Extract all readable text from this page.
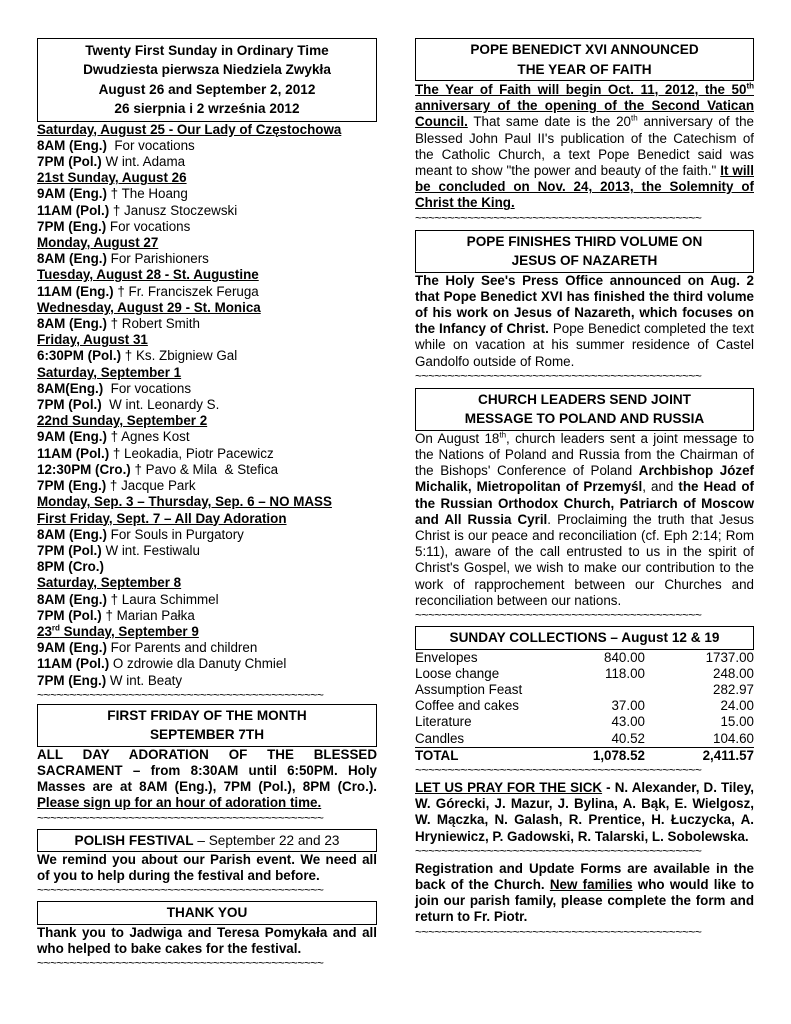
Twenty First Sunday in Ordinary Time
Dwudziesta pierwsza Niedziela Zwykła
August 26 and September 2, 2012
26 sierpnia i 2 września 2012
Saturday, August 25 - Our Lady of Częstochowa
8AM (Eng.)  For vocations
7PM (Pol.) W int. Adama
21st Sunday, August 26
9AM (Eng.) † The Hoang
11AM (Pol.) † Janusz Stoczewski
7PM (Eng.) For vocations
Monday, August 27
8AM (Eng.) For Parishioners
Tuesday, August 28 - St. Augustine
11AM (Eng.) † Fr. Franciszek Feruga
Wednesday, August 29 - St. Monica
8AM (Eng.) † Robert Smith
Friday, August 31
6:30PM (Pol.) † Ks. Zbigniew Gal
Saturday, September 1
8AM(Eng.)  For vocations
7PM (Pol.)  W int. Leonardy S.
22nd Sunday, September 2
9AM (Eng.) † Agnes Kost
11AM (Pol.) † Leokadia, Piotr Pacewicz
12:30PM (Cro.) † Pavo & Mila  & Stefica
7PM (Eng.) † Jacque Park
Monday, Sep. 3 – Thursday, Sep. 6 – NO MASS
First Friday, Sept. 7 – All Day Adoration
8AM (Eng.) For Souls in Purgatory
7PM (Pol.) W int. Festiwalu
8PM (Cro.)
Saturday, September 8
8AM (Eng.) † Laura Schimmel
7PM (Pol.) † Marian Pałka
23rd Sunday, September 9
9AM (Eng.) For Parents and children
11AM (Pol.) O zdrowie dla Danuty Chmiel
7PM (Eng.) W int. Beaty
~~~~~~~~~~~~~~~~~~~~~~~~~~~~~~~~~~~~~~~~~~~~
FIRST FRIDAY OF THE MONTH
SEPTEMBER 7TH
ALL DAY ADORATION OF THE BLESSED SACRAMENT – from 8:30AM until 6:50PM. Holy Masses are at 8AM (Eng.), 7PM (Pol.), 8PM (Cro.). Please sign up for an hour of adoration time.
~~~~~~~~~~~~~~~~~~~~~~~~~~~~~~~~~~~~~~~~~~~~
POLISH FESTIVAL – September 22 and 23
We remind you about our Parish event. We need all of you to help during the festival and before.
~~~~~~~~~~~~~~~~~~~~~~~~~~~~~~~~~~~~~~~~~~~~
THANK YOU
Thank you to Jadwiga and Teresa Pomykała and all who helped to bake cakes for the festival.
~~~~~~~~~~~~~~~~~~~~~~~~~~~~~~~~~~~~~~~~~~~~
POPE BENEDICT XVI ANNOUNCED
THE YEAR OF FAITH
The Year of Faith will begin Oct. 11, 2012, the 50th anniversary of the opening of the Second Vatican Council. That same date is the 20th anniversary of the Blessed John Paul II's publication of the Catechism of the Catholic Church, a text Pope Benedict said was meant to show "the power and beauty of the faith." It will be concluded on Nov. 24, 2013, the Solemnity of Christ the King.
~~~~~~~~~~~~~~~~~~~~~~~~~~~~~~~~~~~~~~~~~~~~
POPE FINISHES THIRD VOLUME ON
JESUS OF NAZARETH
The Holy See's Press Office announced on Aug. 2 that Pope Benedict XVI has finished the third volume of his work on Jesus of Nazareth, which focuses on the Infancy of Christ. Pope Benedict completed the text while on vacation at his summer residence of Castel Gandolfo outside of Rome.
~~~~~~~~~~~~~~~~~~~~~~~~~~~~~~~~~~~~~~~~~~~~
CHURCH LEADERS SEND JOINT
MESSAGE TO POLAND AND RUSSIA
On August 18th, church leaders sent a joint message to the Nations of Poland and Russia from the Chairman of the Bishops' Conference of Poland Archbishop Józef Michalik, Mietropolitan of Przemyśl, and the Head of the Russian Orthodox Church, Patriarch of Moscow and All Russia Cyril. Proclaiming the truth that Jesus Christ is our peace and reconciliation (cf. Eph 2:14; Rom 5:11), aware of the call entrusted to us in the spirit of Christ's Gospel, we wish to make our contribution to the work of rapprochement between our Churches and reconciliation between our nations.
~~~~~~~~~~~~~~~~~~~~~~~~~~~~~~~~~~~~~~~~~~~~
SUNDAY COLLECTIONS – August 12 & 19
Envelopes	840.00	1737.00
Loose change	118.00	248.00
Assumption Feast		282.97
Coffee and cakes	37.00	24.00
Literature	43.00	15.00
Candles	40.52	104.60
TOTAL	1,078.52	2,411.57
~~~~~~~~~~~~~~~~~~~~~~~~~~~~~~~~~~~~~~~~~~~~
LET US PRAY FOR THE SICK - N. Alexander, D. Tiley, W. Górecki, J. Mazur, J. Bylina, A. Bąk, E. Wielgosz, W. Mączka, N. Galash, R. Prentice, H. Łuczycka, A. Hryniewicz, P. Gadowski, R. Talarski, L. Sobolewska.
~~~~~~~~~~~~~~~~~~~~~~~~~~~~~~~~~~~~~~~~~~~~
Registration and Update Forms are available in the back of the Church. New families who would like to join our parish family, please complete the form and return to Fr. Piotr.
~~~~~~~~~~~~~~~~~~~~~~~~~~~~~~~~~~~~~~~~~~~~
